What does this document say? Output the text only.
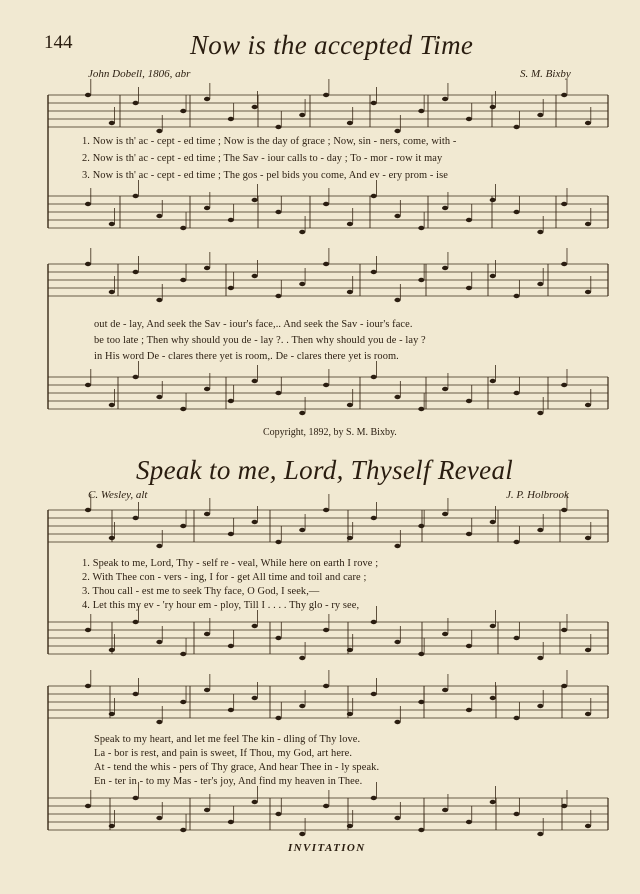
144	Now is the accepted Time
John Dobell, 1806, abr	S. M. Bixby
1. Now is th' ac - cept - ed time ; Now is the day of grace ; Now, sin - ners, come, with -
2. Now is th' ac - cept - ed time ; The Sav - iour calls to - day ; To - mor - row it may
3. Now is th' ac - cept - ed time ; The gos - pel bids you come, And ev - ery prom - ise
out de - lay, And seek the Sav - iour's face,.. And seek the Sav - iour's face.
be too late ; Then why should you de - lay ?. . Then why should you de - lay ?
in His word De - clares there yet is room,. De - clares there yet is room.
Copyright, 1892, by S. M. Bixby.
Speak to me, Lord, Thyself Reveal
C. Wesley, alt	J. P. Holbrook
1. Speak to me, Lord, Thy - self re - veal, While here on earth I rove ;
2. With Thee con - vers - ing, I for - get All time and toil and care ;
3. Thou call - est me to seek Thy face, O God, I seek,—
4. Let this my ev - 'ry hour em - ploy, Till I . . . . Thy glo - ry see,
Speak to my heart, and let me feel The kin - dling of Thy love.
La - bor is rest, and pain is sweet, If Thou, my God, art here.
At - tend the whis - pers of Thy grace, And hear Thee in - ly speak.
En - ter in - to my Mas - ter's joy, And find my heaven in Thee.
INVITATION
